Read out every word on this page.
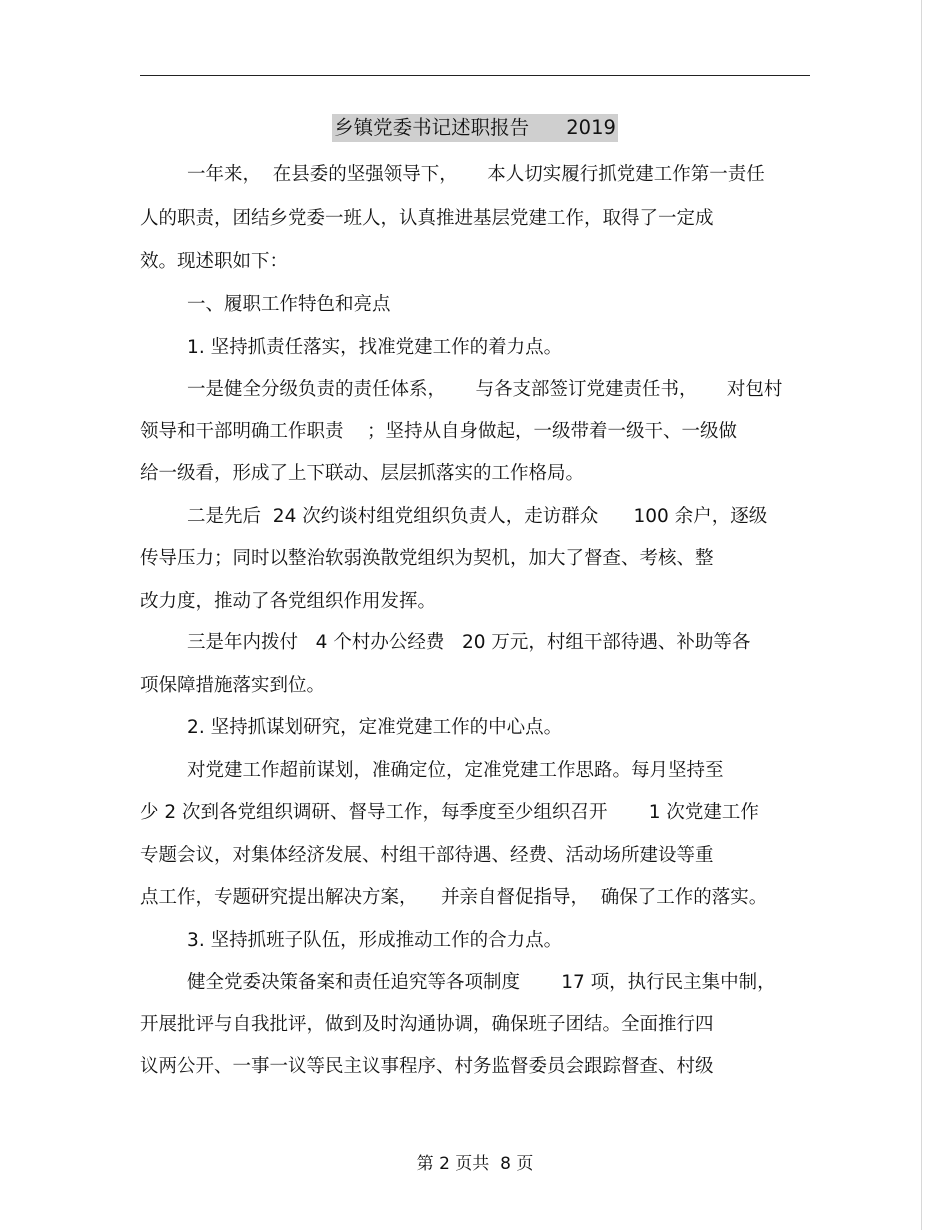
乡镇党委书记述职报告      2019
一年来，  在县委的坚强领导下，     本人切实履行抓党建工作第一责任
人的职责，团结乡党委一班人，认真推进基层党建工作，取得了一定成
效。现述职如下：
一、履职工作特色和亮点
1. 坚持抓责任落实，找准党建工作的着力点。
一是健全分级负责的责任体系，     与各支部签订党建责任书，     对包村
领导和干部明确工作职责    ；坚持从自身做起，一级带着一级干、一级做
给一级看，形成了上下联动、层层抓落实的工作格局。
二是先后  24 次约谈村组党组织负责人，走访群众      100 余户，逐级
传导压力；同时以整治软弱涣散党组织为契机，加大了督查、考核、整
改力度，推动了各党组织作用发挥。
三是年内拨付   4 个村办公经费   20 万元，村组干部待遇、补助等各
项保障措施落实到位。
2. 坚持抓谋划研究，定准党建工作的中心点。
对党建工作超前谋划，准确定位，定准党建工作思路。每月坚持至
少 2 次到各党组织调研、督导工作，每季度至少组织召开       1 次党建工作
专题会议，对集体经济发展、村组干部待遇、经费、活动场所建设等重
点工作，专题研究提出解决方案，    并亲自督促指导，  确保了工作的落实。
3. 坚持抓班子队伍，形成推动工作的合力点。
健全党委决策备案和责任追究等各项制度       17 项，执行民主集中制，
开展批评与自我批评，做到及时沟通协调，确保班子团结。全面推行四
议两公开、一事一议等民主议事程序、村务监督委员会跟踪督查、村级
第 2 页共  8 页
